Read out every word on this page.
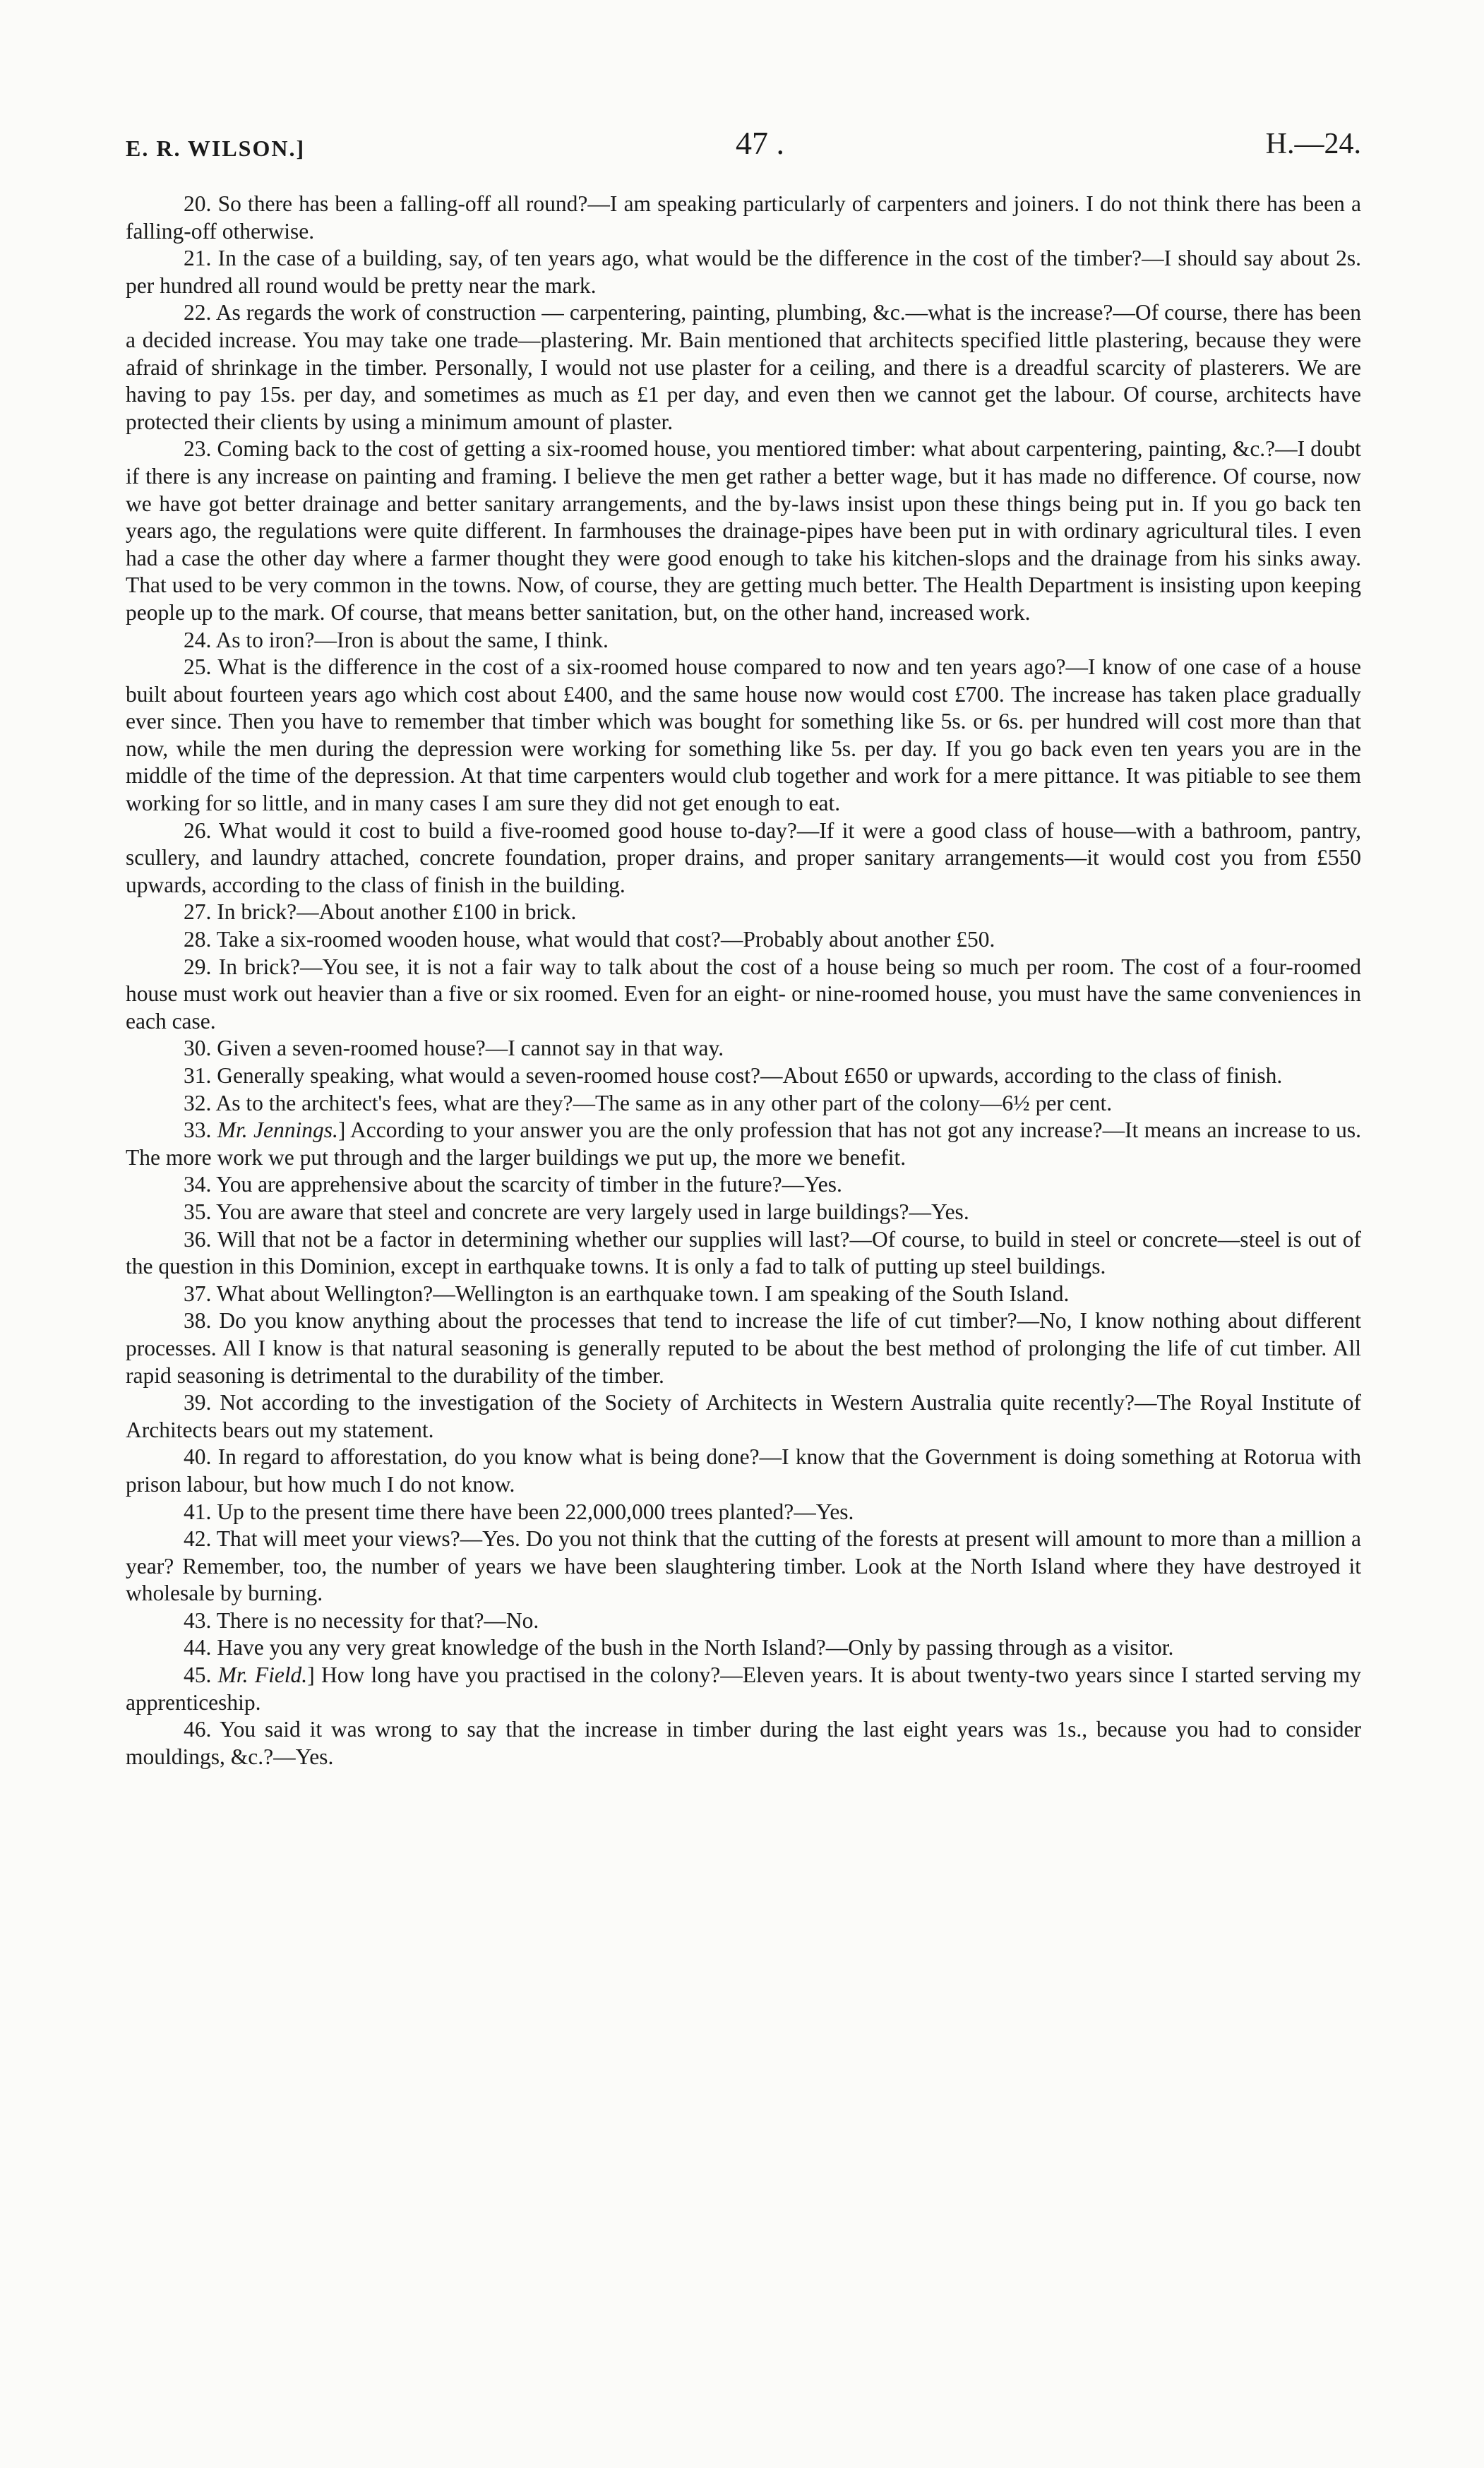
E. R. WILSON.]	47 .	H.—24.

20. So there has been a falling-off all round?—I am speaking particularly of carpenters and joiners. I do not think there has been a falling-off otherwise.

21. In the case of a building, say, of ten years ago, what would be the difference in the cost of the timber?—I should say about 2s. per hundred all round would be pretty near the mark.

22. As regards the work of construction — carpentering, painting, plumbing, &c.—what is the increase?—Of course, there has been a decided increase. You may take one trade—plastering. Mr. Bain mentioned that architects specified little plastering, because they were afraid of shrinkage in the timber. Personally, I would not use plaster for a ceiling, and there is a dreadful scarcity of plasterers. We are having to pay 15s. per day, and sometimes as much as £1 per day, and even then we cannot get the labour. Of course, architects have protected their clients by using a minimum amount of plaster.

23. Coming back to the cost of getting a six-roomed house, you mentiored timber: what about carpentering, painting, &c.?—I doubt if there is any increase on painting and framing. I believe the men get rather a better wage, but it has made no difference. Of course, now we have got better drainage and better sanitary arrangements, and the by-laws insist upon these things being put in. If you go back ten years ago, the regulations were quite different. In farmhouses the drainage-pipes have been put in with ordinary agricultural tiles. I even had a case the other day where a farmer thought they were good enough to take his kitchen-slops and the drainage from his sinks away. That used to be very common in the towns. Now, of course, they are getting much better. The Health Department is insisting upon keeping people up to the mark. Of course, that means better sanitation, but, on the other hand, increased work.

24. As to iron?—Iron is about the same, I think.

25. What is the difference in the cost of a six-roomed house compared to now and ten years ago?—I know of one case of a house built about fourteen years ago which cost about £400, and the same house now would cost £700. The increase has taken place gradually ever since. Then you have to remember that timber which was bought for something like 5s. or 6s. per hundred will cost more than that now, while the men during the depression were working for something like 5s. per day. If you go back even ten years you are in the middle of the time of the depression. At that time carpenters would club together and work for a mere pittance. It was pitiable to see them working for so little, and in many cases I am sure they did not get enough to eat.

26. What would it cost to build a five-roomed good house to-day?—If it were a good class of house—with a bathroom, pantry, scullery, and laundry attached, concrete foundation, proper drains, and proper sanitary arrangements—it would cost you from £550 upwards, according to the class of finish in the building.

27. In brick?—About another £100 in brick.

28. Take a six-roomed wooden house, what would that cost?—Probably about another £50.

29. In brick?—You see, it is not a fair way to talk about the cost of a house being so much per room. The cost of a four-roomed house must work out heavier than a five or six roomed. Even for an eight- or nine-roomed house, you must have the same conveniences in each case.

30. Given a seven-roomed house?—I cannot say in that way.

31. Generally speaking, what would a seven-roomed house cost?—About £650 or upwards, according to the class of finish.

32. As to the architect's fees, what are they?—The same as in any other part of the colony—6½ per cent.

33. Mr. Jennings.] According to your answer you are the only profession that has not got any increase?—It means an increase to us. The more work we put through and the larger buildings we put up, the more we benefit.

34. You are apprehensive about the scarcity of timber in the future?—Yes.

35. You are aware that steel and concrete are very largely used in large buildings?—Yes.

36. Will that not be a factor in determining whether our supplies will last?—Of course, to build in steel or concrete—steel is out of the question in this Dominion, except in earthquake towns. It is only a fad to talk of putting up steel buildings.

37. What about Wellington?—Wellington is an earthquake town. I am speaking of the South Island.

38. Do you know anything about the processes that tend to increase the life of cut timber?—No, I know nothing about different processes. All I know is that natural seasoning is generally reputed to be about the best method of prolonging the life of cut timber. All rapid seasoning is detrimental to the durability of the timber.

39. Not according to the investigation of the Society of Architects in Western Australia quite recently?—The Royal Institute of Architects bears out my statement.

40. In regard to afforestation, do you know what is being done?—I know that the Government is doing something at Rotorua with prison labour, but how much I do not know.

41. Up to the present time there have been 22,000,000 trees planted?—Yes.

42. That will meet your views?—Yes. Do you not think that the cutting of the forests at present will amount to more than a million a year? Remember, too, the number of years we have been slaughtering timber. Look at the North Island where they have destroyed it wholesale by burning.

43. There is no necessity for that?—No.

44. Have you any very great knowledge of the bush in the North Island?—Only by passing through as a visitor.

45. Mr. Field.] How long have you practised in the colony?—Eleven years. It is about twenty-two years since I started serving my apprenticeship.

46. You said it was wrong to say that the increase in timber during the last eight years was 1s., because you had to consider mouldings, &c.?—Yes.
